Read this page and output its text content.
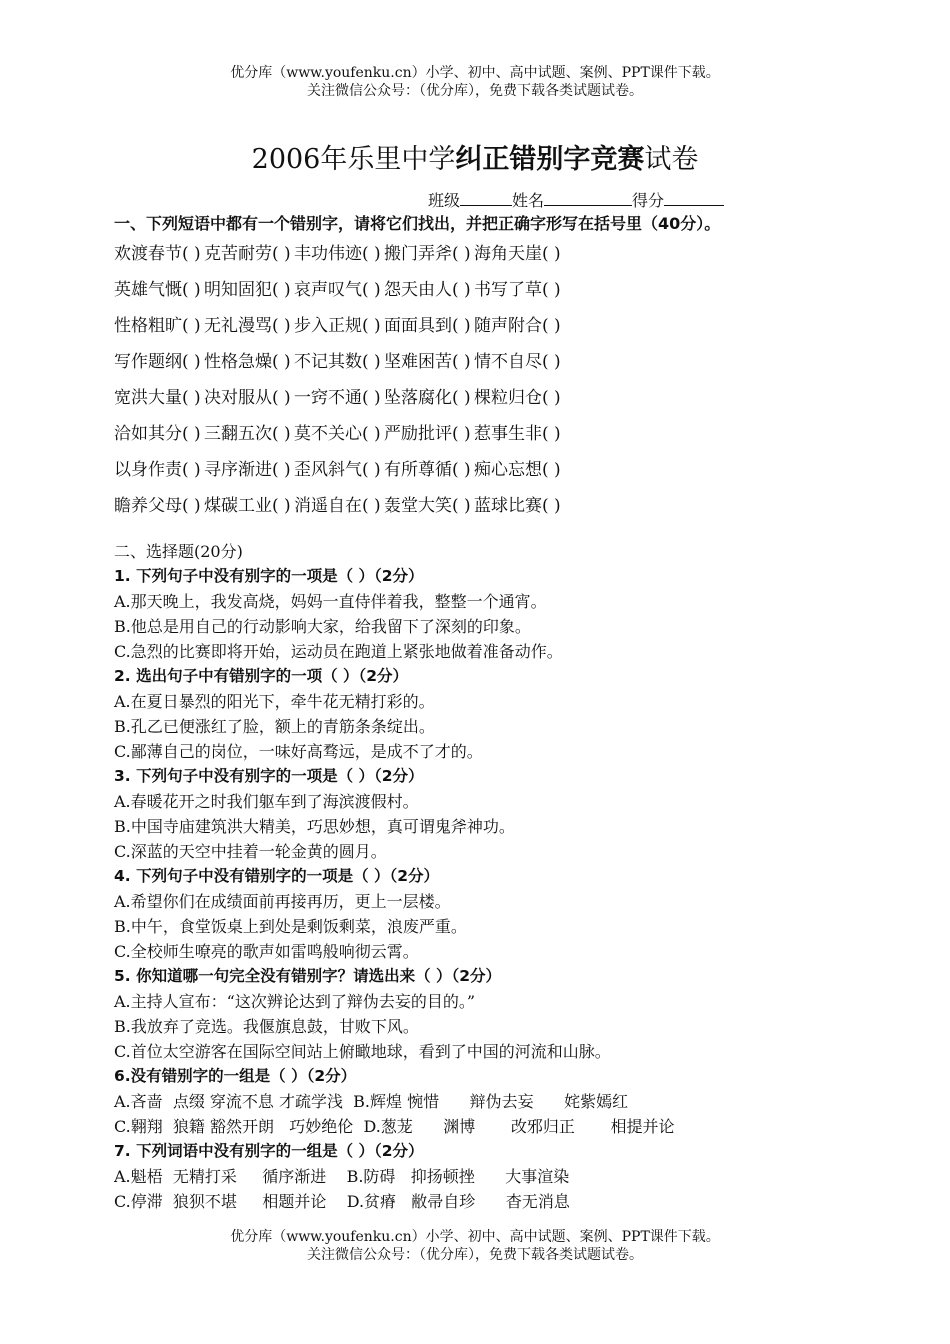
优分库（www.youfenku.cn）小学、初中、高中试题、案例、PPT课件下载。
关注微信公众号：（优分库），免费下载各类试题试卷。
2006年乐里中学纠正错别字竞赛试卷
班级	姓名	得分
一、下列短语中都有一个错别字，请将它们找出，并把正确字形写在括号里（40分）。
欢渡春节( ) 克苦耐劳( ) 丰功伟迹( ) 搬门弄斧( ) 海角天崖( )
英雄气慨( ) 明知固犯( ) 哀声叹气( ) 怨天由人( ) 书写了草( )
性格粗旷( ) 无礼漫骂( ) 步入正规( ) 面面具到( ) 随声附合( )
写作题纲( ) 性格急燥( ) 不记其数( ) 坚难困苦( ) 情不自尽( )
宽洪大量( ) 决对服从( ) 一窍不通( ) 坠落腐化( ) 棵粒归仓( )
洽如其分( ) 三翻五次( ) 莫不关心( ) 严励批评( ) 惹事生非( )
以身作责( ) 寻序渐进( ) 歪风斜气( ) 有所尊循( ) 痴心忘想( )
瞻养父母( ) 煤碳工业( ) 消遥自在( ) 轰堂大笑( ) 蓝球比赛( )
二、选择题(20分)
1. 下列句子中没有别字的一项是（ ）（2分）
A.那天晚上，我发高烧，妈妈一直侍伴着我，整整一个通宵。
B.他总是用自己的行动影响大家，给我留下了深刻的印象。
C.急烈的比赛即将开始，运动员在跑道上紧张地做着准备动作。
2. 选出句子中有错别字的一项（ ）（2分）
A.在夏日暴烈的阳光下，牵牛花无精打彩的。
B.孔乙已便涨红了脸，额上的青筋条条绽出。
C.鄙薄自己的岗位，一味好高骛远，是成不了才的。
3. 下列句子中没有别字的一项是（ ）（2分）
A.春暖花开之时我们躯车到了海滨渡假村。
B.中国寺庙建筑洪大精美，巧思妙想，真可谓鬼斧神功。
C.深蓝的天空中挂着一轮金黄的圆月。
4. 下列句子中没有错别字的一项是（ ）（2分）
A.希望你们在成绩面前再接再历，更上一层楼。
B.中午，食堂饭桌上到处是剩饭剩菜，浪废严重。
C.全校师生嘹亮的歌声如雷鸣般响彻云霄。
5. 你知道哪一句完全没有错别字？请选出来（ ）（2分）
A.主持人宣布：“这次辨论达到了辩伪去妄的目的。”
B.我放弃了竞选。我偃旗息鼓，甘败下风。
C.首位太空游客在国际空间站上俯瞰地球，看到了中国的河流和山脉。
6.没有错别字的一组是（ ）（2分）
A.吝啬  点缀 穿流不息 才疏学浅  B.辉煌 惋惜      辩伪去妄      姹紫嫣红
C.翱翔  狼籍 豁然开朗   巧妙绝伦  D.葱茏      渊博       改邪归正       相提并论
7. 下列词语中没有别字的一组是（ ）（2分）
A.魁梧  无精打采     循序渐进    B.防碍   抑扬顿挫      大事渲染
C.停滞  狼狈不堪     相题并论    D.贫瘠   敝帚自珍      杳无消息
优分库（www.youfenku.cn）小学、初中、高中试题、案例、PPT课件下载。
关注微信公众号：（优分库），免费下载各类试题试卷。
